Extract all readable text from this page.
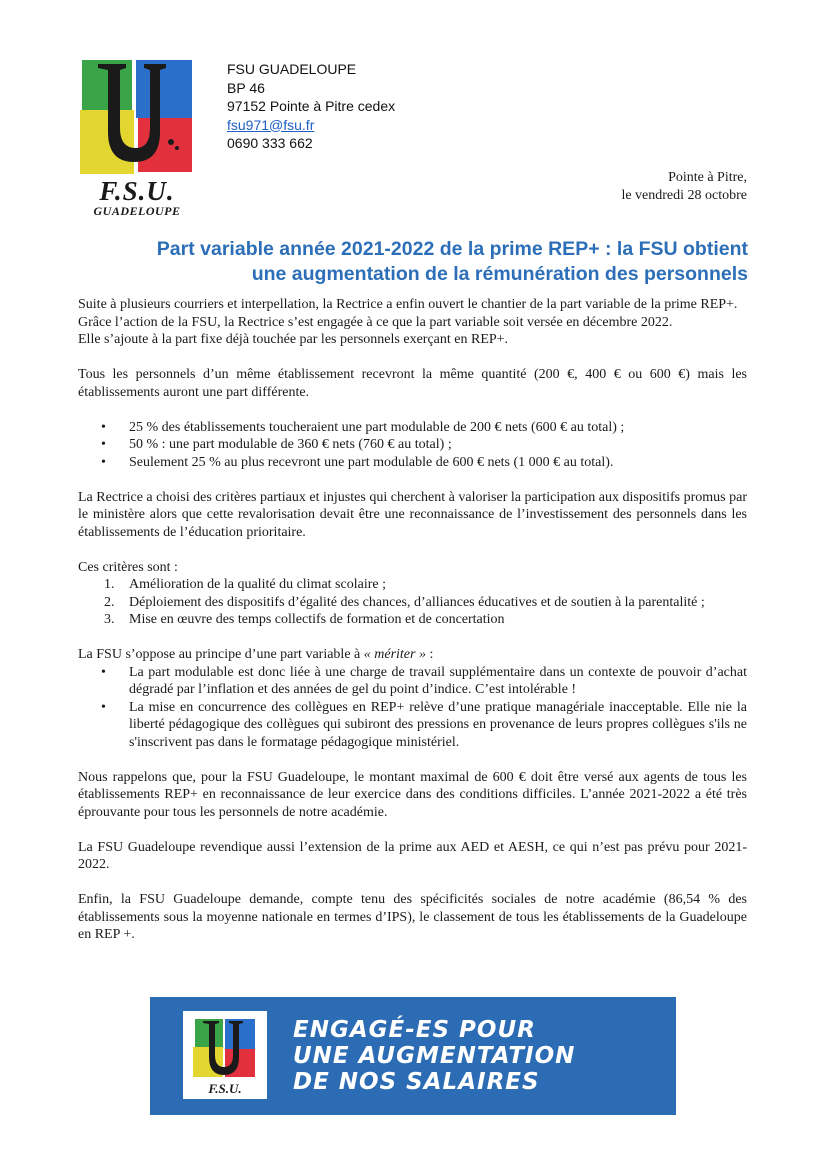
F.S.U.
GUADELOUPE
FSU GUADELOUPE
BP 46
97152 Pointe à Pitre cedex
fsu971@fsu.fr
0690 333 662
Pointe à Pitre,
le vendredi 28 octobre
Part variable année 2021-2022 de la prime REP+ : la FSU obtient
une augmentation de la rémunération des personnels

Suite à plusieurs courriers et interpellation, la Rectrice a enfin ouvert le chantier de la part variable de la prime REP+.

Grâce l’action de la FSU, la Rectrice s’est engagée à ce que la part variable soit versée en décembre 2022.

Elle s’ajoute à la part fixe déjà touchée par les personnels exerçant en REP+.

Tous les personnels d’un même établissement recevront la même quantité (200 €, 400 € ou 600 €) mais les établissements auront une part différente.

• 25 % des établissements toucheraient une part modulable de 200 € nets (600 € au total) ;
• 50 % : une part modulable de 360 € nets (760 € au total) ;
• Seulement 25 % au plus recevront une part modulable de 600 € nets (1 000 € au total).

La Rectrice a choisi des critères partiaux et injustes qui cherchent à valoriser la participation aux dispositifs promus par le ministère alors que cette revalorisation devait être une reconnaissance de l’investissement des personnels dans les établissements de l’éducation prioritaire.

Ces critères sont :

1. Amélioration de la qualité du climat scolaire ;
2. Déploiement des dispositifs d’égalité des chances, d’alliances éducatives et de soutien à la parentalité ;
3. Mise en œuvre des temps collectifs de formation et de concertation

La FSU s’oppose au principe d’une part variable à « mériter » :

• La part modulable est donc liée à une charge de travail supplémentaire dans un contexte de pouvoir d’achat dégradé par l’inflation et des années de gel du point d’indice. C’est intolérable !
• La mise en concurrence des collègues en REP+ relève d’une pratique managériale inacceptable. Elle nie la liberté pédagogique des collègues qui subiront des pressions en provenance de leurs propres collègues s'ils ne s'inscrivent pas dans le formatage pédagogique ministériel.

Nous rappelons que, pour la FSU Guadeloupe, le montant maximal de 600 € doit être versé aux agents de tous les établissements REP+ en reconnaissance de leur exercice dans des conditions difficiles. L’année 2021-2022 a été très éprouvante pour tous les personnels de notre académie.

La FSU Guadeloupe revendique aussi l’extension de la prime aux AED et AESH, ce qui n’est pas prévu pour 2021-2022.

Enfin, la FSU Guadeloupe demande, compte tenu des spécificités sociales de notre académie (86,54 % des établissements sous la moyenne nationale en termes d’IPS), le classement de tous les établissements de la Guadeloupe en REP +.

F.S.U.
ENGAGÉ-ES POUR
UNE AUGMENTATION
DE NOS SALAIRES
